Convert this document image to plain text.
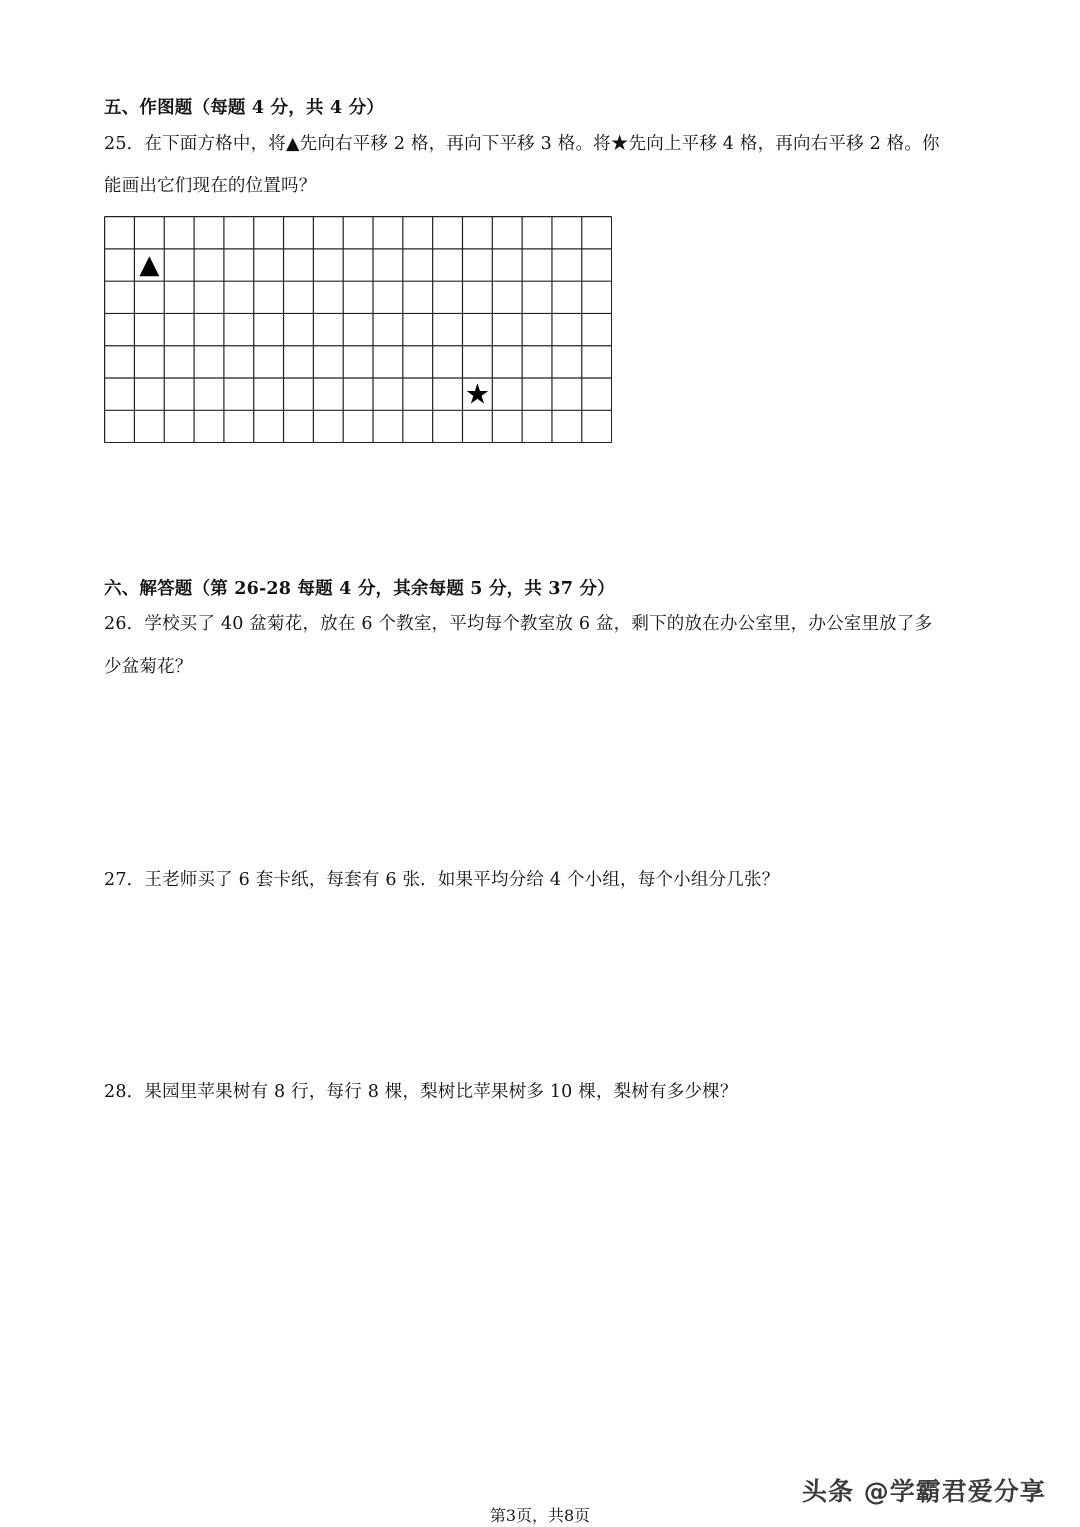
五、作图题（每题 4 分，共 4 分）
25．在下面方格中，将▲先向右平移 2 格，再向下平移 3 格。将★先向上平移 4 格，再向右平移 2 格。你
能画出它们现在的位置吗？
▲
★
六、解答题（第 26-28 每题 4 分，其余每题 5 分，共 37 分）
26．学校买了 40 盆菊花，放在 6 个教室，平均每个教室放 6 盆，剩下的放在办公室里，办公室里放了多
少盆菊花？
27．王老师买了 6 套卡纸，每套有 6 张．如果平均分给 4 个小组，每个小组分几张？
28．果园里苹果树有 8 行，每行 8 棵，梨树比苹果树多 10 棵，梨树有多少棵？
头条 @学霸君爱分享
第3页，共8页
